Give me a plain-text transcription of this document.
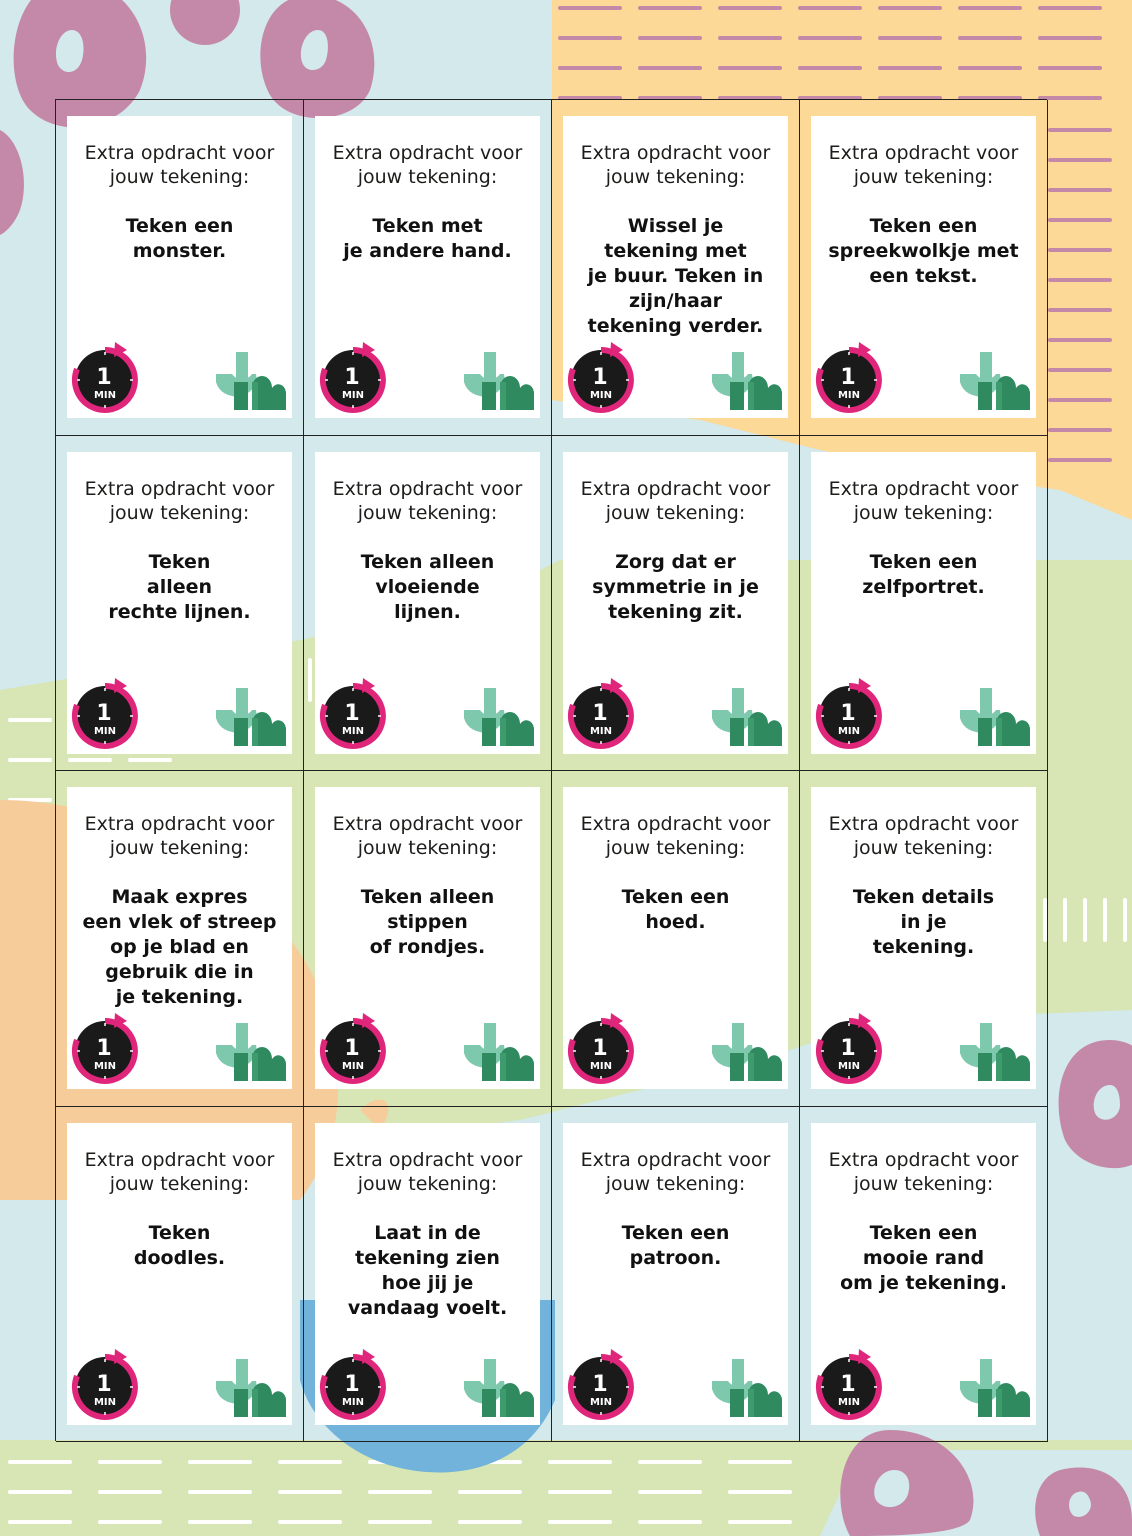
Extra opdracht voor
jouw tekening:
Teken een
monster.
1
MIN
Extra opdracht voor
jouw tekening:
Teken met
je andere hand.
1
MIN
Extra opdracht voor
jouw tekening:
Wissel je
tekening met
je buur. Teken in
zijn/haar
tekening verder.
1
MIN
Extra opdracht voor
jouw tekening:
Teken een
spreekwolkje met
een tekst.
1
MIN
Extra opdracht voor
jouw tekening:
Teken
alleen
rechte lijnen.
1
MIN
Extra opdracht voor
jouw tekening:
Teken alleen
vloeiende
lijnen.
1
MIN
Extra opdracht voor
jouw tekening:
Zorg dat er
symmetrie in je
tekening zit.
1
MIN
Extra opdracht voor
jouw tekening:
Teken een
zelfportret.
1
MIN
Extra opdracht voor
jouw tekening:
Maak expres
een vlek of streep
op je blad en
gebruik die in
je tekening.
1
MIN
Extra opdracht voor
jouw tekening:
Teken alleen
stippen
of rondjes.
1
MIN
Extra opdracht voor
jouw tekening:
Teken een
hoed.
1
MIN
Extra opdracht voor
jouw tekening:
Teken details
in je
tekening.
1
MIN
Extra opdracht voor
jouw tekening:
Teken
doodles.
1
MIN
Extra opdracht voor
jouw tekening:
Laat in de
tekening zien
hoe jij je
vandaag voelt.
1
MIN
Extra opdracht voor
jouw tekening:
Teken een
patroon.
1
MIN
Extra opdracht voor
jouw tekening:
Teken een
mooie rand
om je tekening.
1
MIN
